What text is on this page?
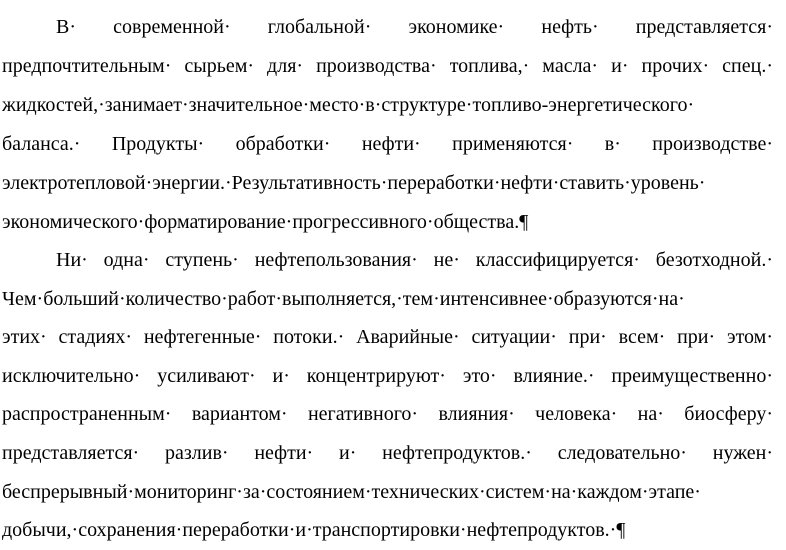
В· современной· глобальной· экономике· нефть· представляется·
предпочтительным· сырьем· для· производства· топлива,· масла· и· прочих· спец.·
жидкостей,·занимает·значительное·место·в·структуре·топливо-энергетического·
баланса.· Продукты· обработки· нефти· применяются· в· производстве·
электротепловой·энергии.·Результативность·переработки·нефти·ставить·уровень·
экономического·форматирование·прогрессивного·общества.¶
Ни· одна· ступень· нефтепользования· не· классифицируется· безотходной.·
Чем·больший·количество·работ·выполняется,·тем·интенсивнее·образуются·на·
этих· стадиях· нефтегенные· потоки.· Аварийные· ситуации· при· всем· при· этом·
исключительно· усиливают· и· концентрируют· это· влияние.· преимущественно·
распространенным· вариантом· негативного· влияния· человека· на· биосферу·
представляется· разлив· нефти· и· нефтепродуктов.· следовательно· нужен·
беспрерывный·мониторинг·за·состоянием·технических·систем·на·каждом·этапе·
добычи,·сохранения·переработки·и·транспортировки·нефтепродуктов.·¶
